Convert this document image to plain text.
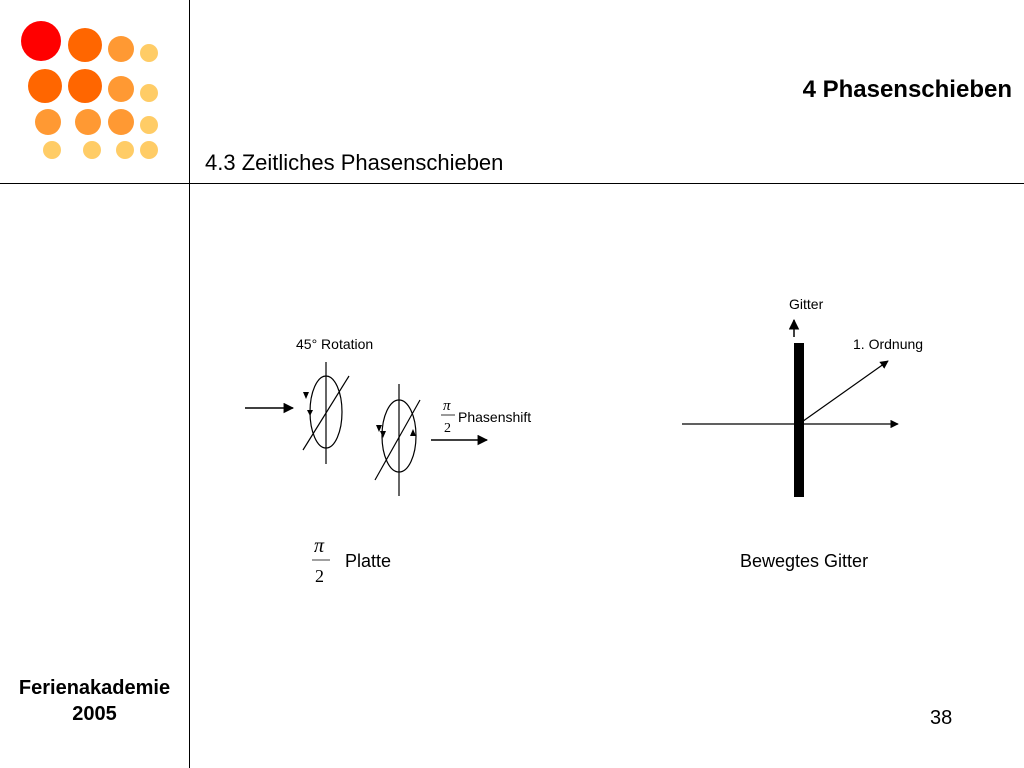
4 Phasenschieben
4.3 Zeitliches Phasenschieben
Ferienakademie
2005	38
45° Rotation
π
2
Phasenshift
π
2
Platte
Gitter
1. Ordnung
Bewegtes Gitter
